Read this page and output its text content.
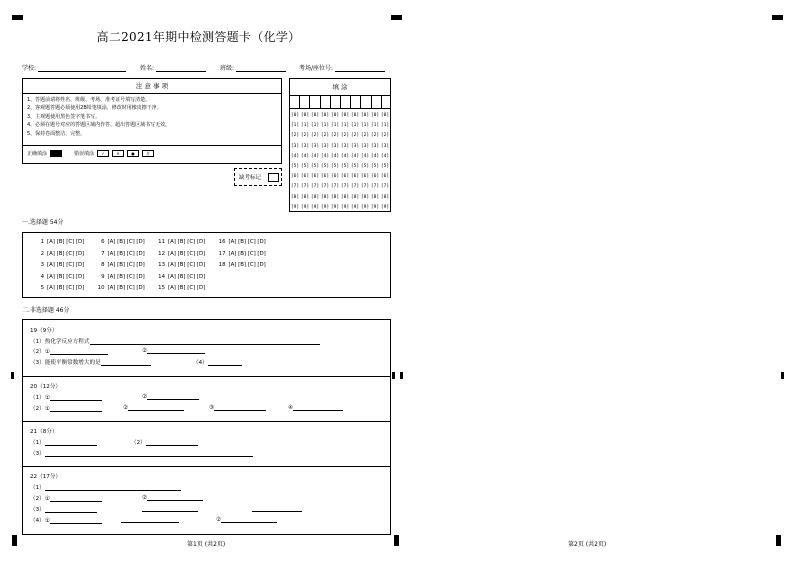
高二2021年期中检测答题卡（化学）
学校:	姓名:	班级:	考场/座位号:
注 意 事 项
1、答题前请将姓名、班级、考场、准考证号填写清楚。
2、客观题答题必须使用2B铅笔填涂，修改时用橡皮擦干净。
3、主观题使用黑色签字笔书写。
4、必须在题号对应的答题区域内作答，超出答题区域书写无效。
5、保持卷面整洁、完整。
正确填涂	错误填涂	✓	✕	●	//
缺考标记
填 涂
[0] [0] [0] [0] [0] [0] [0] [0] [0] [0]
[1] [1] [1] [1] [1] [1] [1] [1] [1] [1]
[2] [2] [2] [2] [2] [2] [2] [2] [2] [2]
[3] [3] [3] [3] [3] [3] [3] [3] [3] [3]
[4] [4] [4] [4] [4] [4] [4] [4] [4] [4]
[5] [5] [5] [5] [5] [5] [5] [5] [5] [5]
[6] [6] [6] [6] [6] [6] [6] [6] [6] [6]
[7] [7] [7] [7] [7] [7] [7] [7] [7] [7]
[8] [8] [8] [8] [8] [8] [8] [8] [8] [8]
[9] [9] [9] [9] [9] [9] [9] [9] [9] [9]
一.选择题 54分
1 [A] [B] [C] [D]	6 [A] [B] [C] [D]	11 [A] [B] [C] [D]	16 [A] [B] [C] [D]
2 [A] [B] [C] [D]	7 [A] [B] [C] [D]	12 [A] [B] [C] [D]	17 [A] [B] [C] [D]
3 [A] [B] [C] [D]	8 [A] [B] [C] [D]	13 [A] [B] [C] [D]	18 [A] [B] [C] [D]
4 [A] [B] [C] [D]	9 [A] [B] [C] [D]	14 [A] [B] [C] [D]
5 [A] [B] [C] [D]	10 [A] [B] [C] [D]	15 [A] [B] [C] [D]
二.非选择题 46分
19（9分）
（1）热化学反应方程式
（2）①	②
（3）能使平衡常数增大的是	（4）
20（12分）
（1）①	②
（2）①	②	③	④
21（8分）
（1）	（2）
（3）
22（17分）
（1）
（2）①	②
（3）
（4）①	②
第1页 (共2页)	第2页 (共2页)
